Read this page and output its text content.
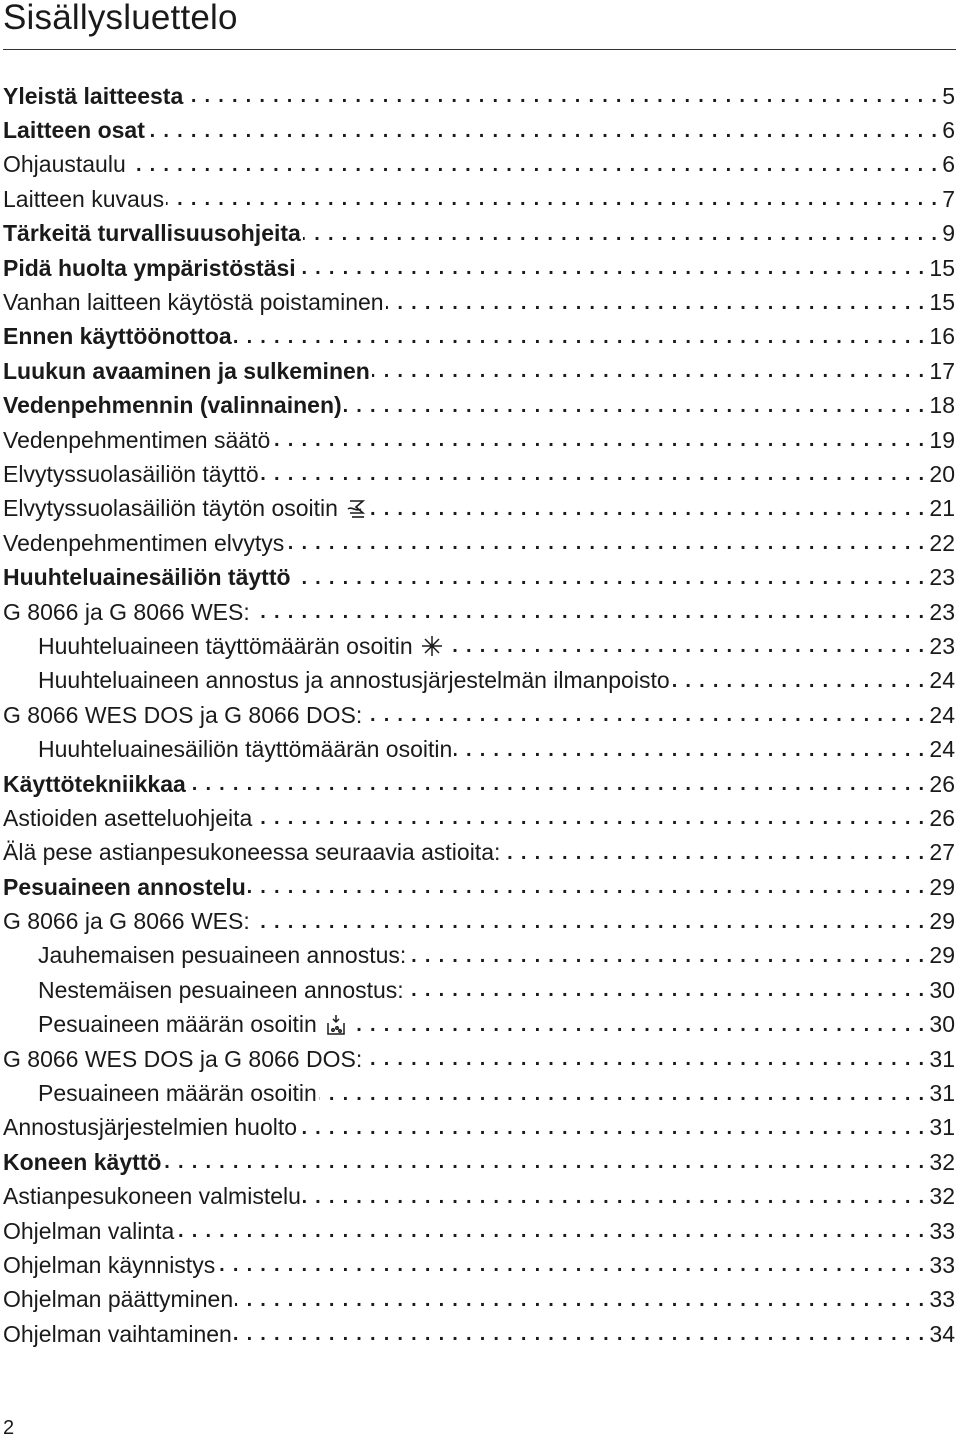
Sisällysluettelo
Yleistä laitteesta . . .	5
Laitteen osat . . .	6
Ohjaustaulu . . .	6
Laitteen kuvaus . . .	7
Tärkeitä turvallisuusohjeita . . .	9
Pidä huolta ympäristöstäsi . . .	15
Vanhan laitteen käytöstä poistaminen . . .	15
Ennen käyttöönottoa . . .	16
Luukun avaaminen ja sulkeminen . . .	17
Vedenpehmennin (valinnainen) . . .	18
Vedenpehmentimen säätö . . .	19
Elvytyssuolasäiliön täyttö . . .	20
Elvytyssuolasäiliön täytön osoitin . . .	21
Vedenpehmentimen elvytys . . .	22
Huuhteluainesäiliön täyttö . . .	23
G 8066 ja G 8066 WES: . . .	23
Huuhteluaineen täyttömäärän osoitin . . .	23
Huuhteluaineen annostus ja annostusjärjestelmän ilmanpoisto . . .	24
G 8066 WES DOS ja G 8066 DOS: . . .	24
Huuhteluainesäiliön täyttömäärän osoitin . . .	24
Käyttötekniikkaa . . .	26
Astioiden asetteluohjeita . . .	26
Älä pese astianpesukoneessa seuraavia astioita: . . .	27
Pesuaineen annostelu . . .	29
G 8066 ja G 8066 WES: . . .	29
Jauhemaisen pesuaineen annostus: . . .	29
Nestemäisen pesuaineen annostus: . . .	30
Pesuaineen määrän osoitin . . .	30
G 8066 WES DOS ja G 8066 DOS: . . .	31
Pesuaineen määrän osoitin . . .	31
Annostusjärjestelmien huolto . . .	31
Koneen käyttö . . .	32
Astianpesukoneen valmistelu . . .	32
Ohjelman valinta . . .	33
Ohjelman käynnistys . . .	33
Ohjelman päättyminen . . .	33
Ohjelman vaihtaminen . . .	34
2
